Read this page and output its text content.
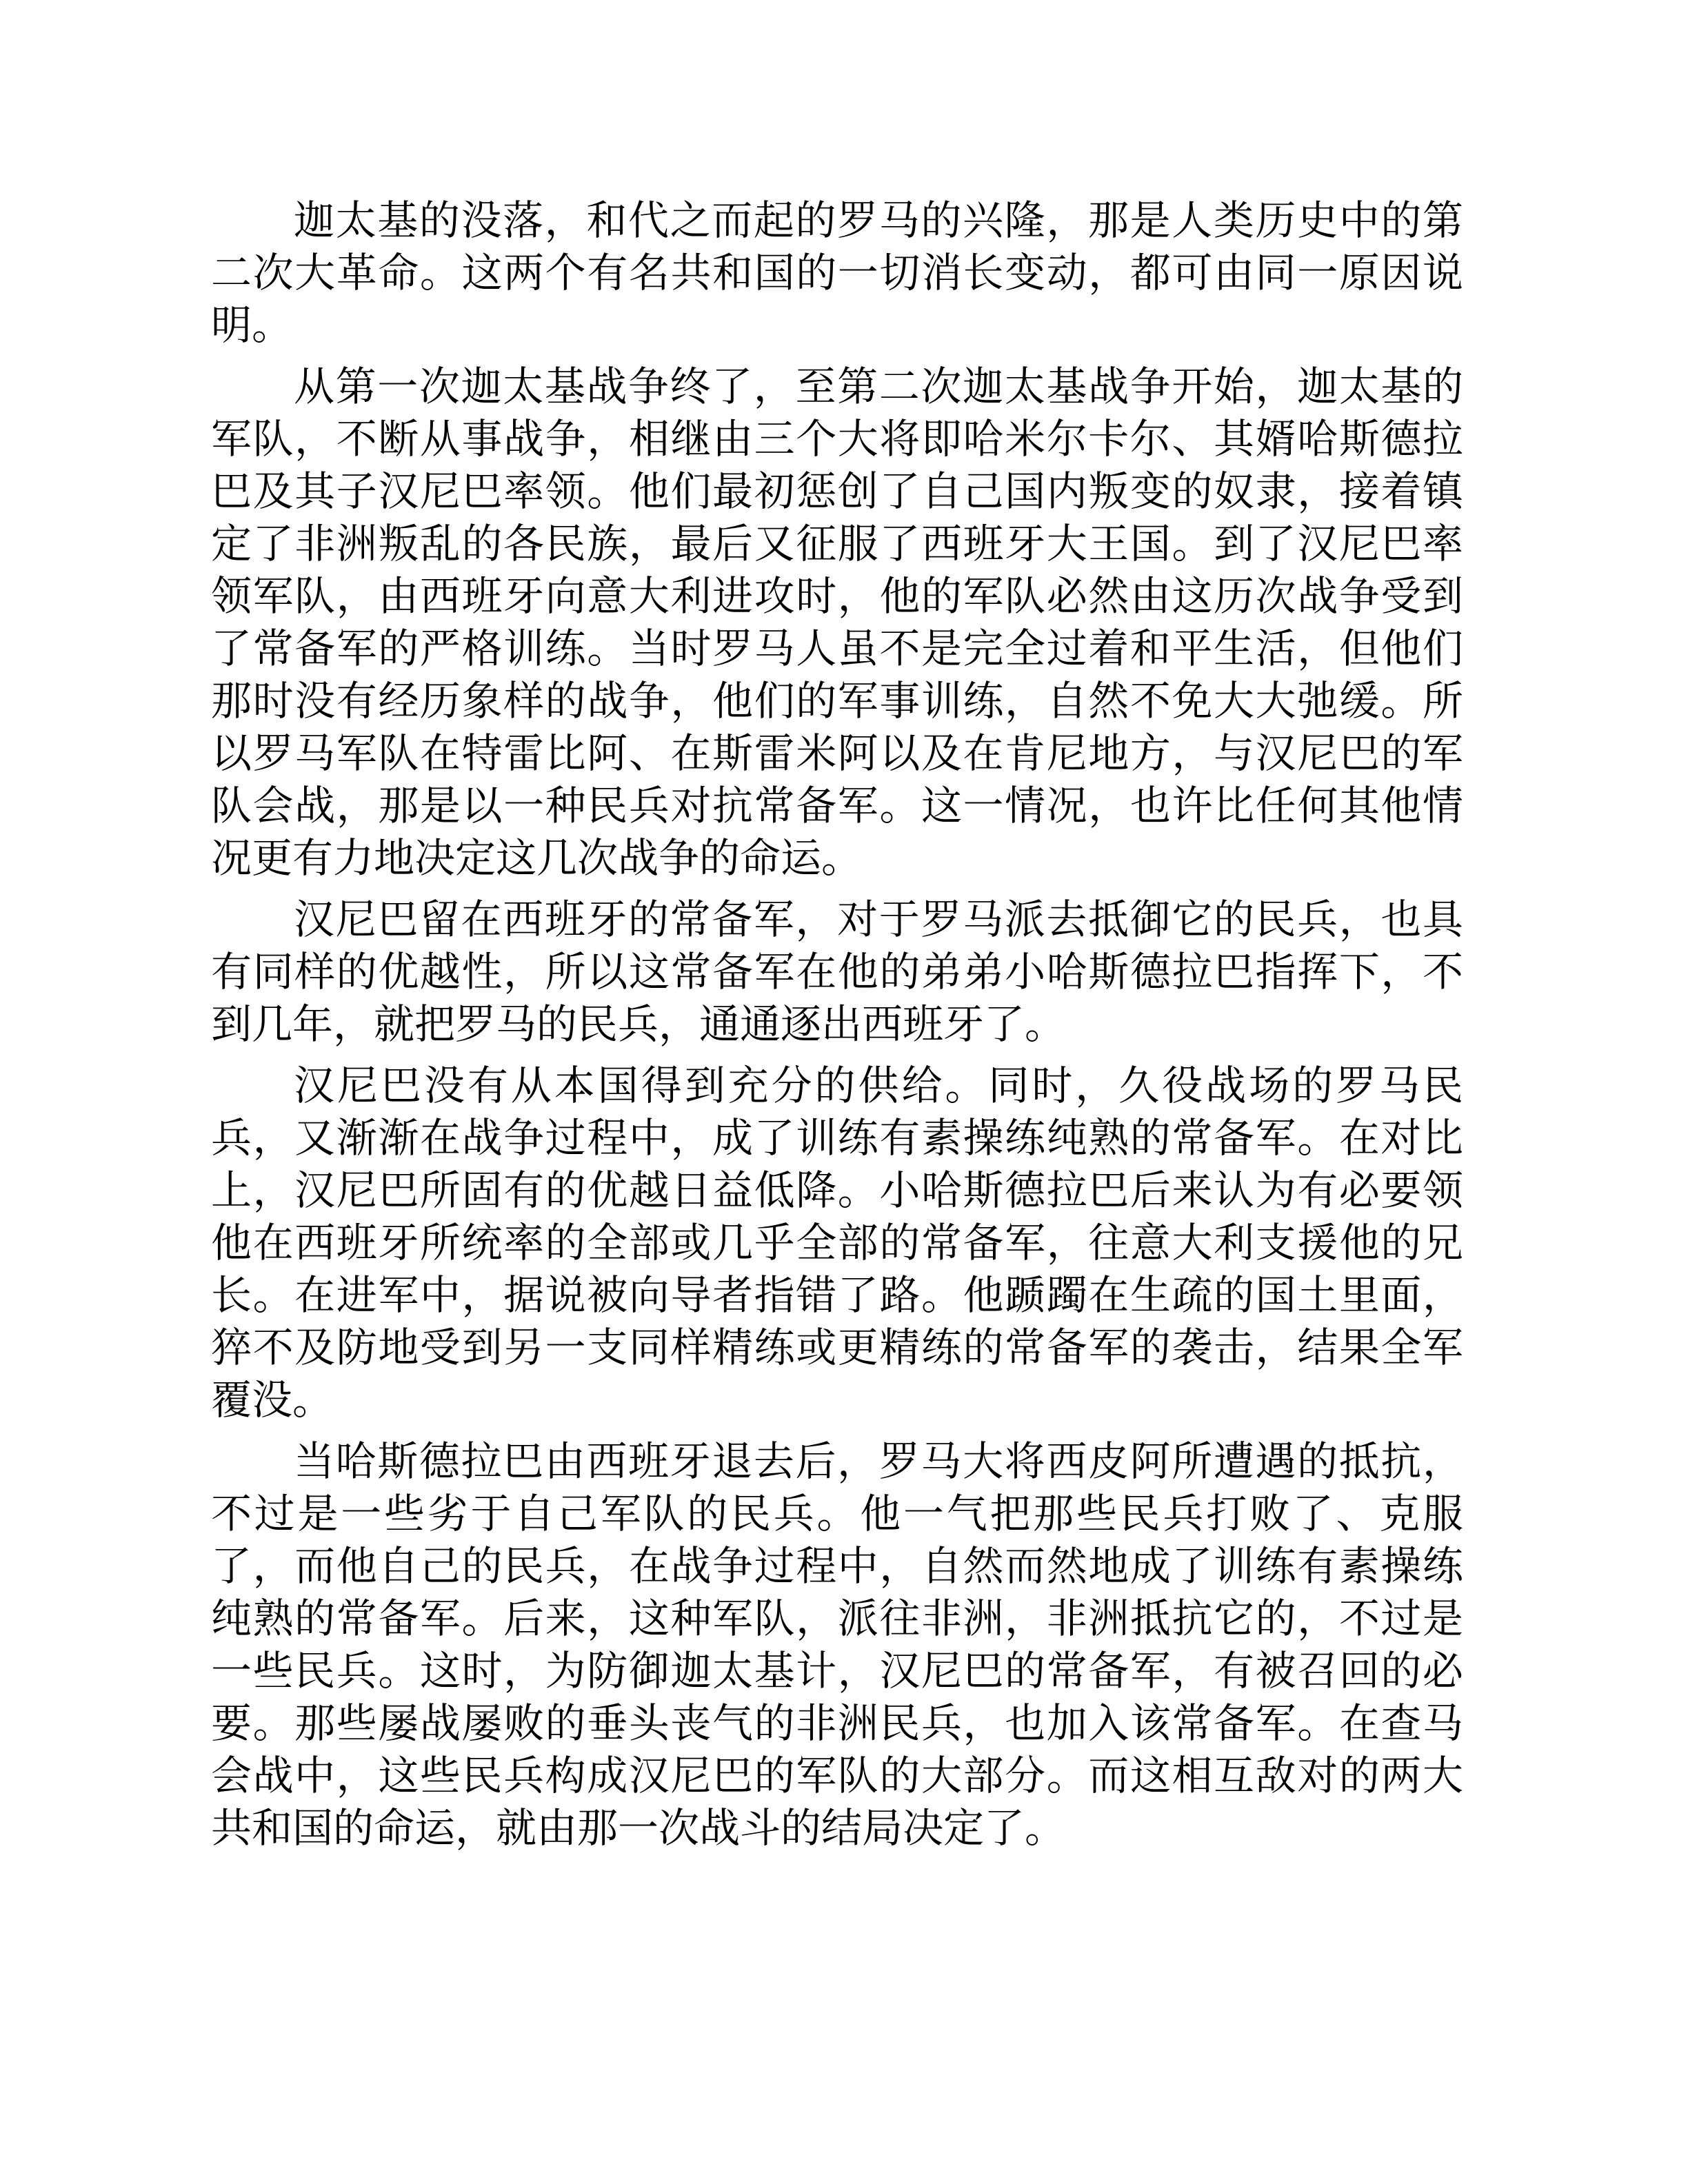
迦太基的没落，和代之而起的罗马的兴隆，那是人类历史中的第二次大革命。这两个有名共和国的一切消长变动，都可由同一原因说明。

从第一次迦太基战争终了，至第二次迦太基战争开始，迦太基的军队，不断从事战争，相继由三个大将即哈米尔卡尔、其婿哈斯德拉巴及其子汉尼巴率领。他们最初惩创了自己国内叛变的奴隶，接着镇定了非洲叛乱的各民族，最后又征服了西班牙大王国。到了汉尼巴率领军队，由西班牙向意大利进攻时，他的军队必然由这历次战争受到了常备军的严格训练。当时罗马人虽不是完全过着和平生活，但他们那时没有经历象样的战争，他们的军事训练，自然不免大大弛缓。所以罗马军队在特雷比阿、在斯雷米阿以及在肯尼地方，与汉尼巴的军队会战，那是以一种民兵对抗常备军。这一情况，也许比任何其他情况更有力地决定这几次战争的命运。

汉尼巴留在西班牙的常备军，对于罗马派去抵御它的民兵，也具有同样的优越性，所以这常备军在他的弟弟小哈斯德拉巴指挥下，不到几年，就把罗马的民兵，通通逐出西班牙了。

汉尼巴没有从本国得到充分的供给。同时，久役战场的罗马民兵，又渐渐在战争过程中，成了训练有素操练纯熟的常备军。在对比上，汉尼巴所固有的优越日益低降。小哈斯德拉巴后来认为有必要领他在西班牙所统率的全部或几乎全部的常备军，往意大利支援他的兄长。在进军中，据说被向导者指错了路。他踬躅在生疏的国土里面，猝不及防地受到另一支同样精练或更精练的常备军的袭击，结果全军覆没。

当哈斯德拉巴由西班牙退去后，罗马大将西皮阿所遭遇的抵抗，不过是一些劣于自己军队的民兵。他一气把那些民兵打败了、克服了，而他自己的民兵，在战争过程中，自然而然地成了训练有素操练纯熟的常备军。后来，这种军队，派往非洲，非洲抵抗它的，不过是一些民兵。这时，为防御迦太基计，汉尼巴的常备军，有被召回的必要。那些屡战屡败的垂头丧气的非洲民兵，也加入该常备军。在查马会战中，这些民兵构成汉尼巴的军队的大部分。而这相互敌对的两大共和国的命运，就由那一次战斗的结局决定了。
